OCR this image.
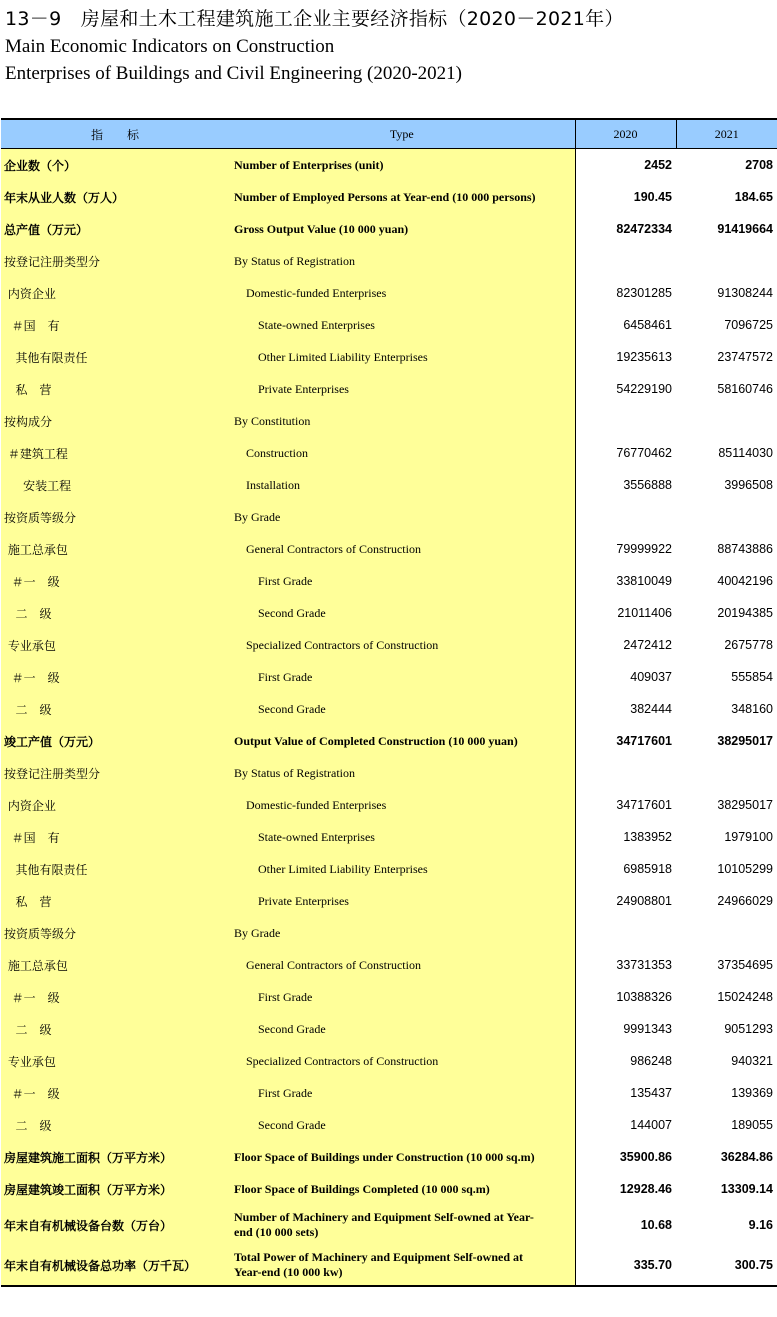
13－9　房屋和土木工程建筑施工企业主要经济指标（2020－2021年）
Main Economic Indicators on Construction
Enterprises of Buildings and Civil Engineering (2020-2021)
指　　标	Type	2020	2021
企业数（个）	Number of Enterprises (unit)	2452	2708
年末从业人数（万人）	Number of Employed Persons at Year-end (10 000 persons)	190.45	184.65
总产值（万元）	Gross Output Value (10 000 yuan)	82472334	91419664
按登记注册类型分	By Status of Registration		
内资企业	Domestic-funded Enterprises	82301285	91308244
＃国　有	State-owned Enterprises	6458461	7096725
其他有限责任	Other Limited Liability Enterprises	19235613	23747572
私　营	Private Enterprises	54229190	58160746
按构成分	By Constitution		
＃建筑工程	Construction	76770462	85114030
安装工程	Installation	3556888	3996508
按资质等级分	By Grade		
施工总承包	General Contractors of Construction	79999922	88743886
＃一　级	First Grade	33810049	40042196
二　级	Second Grade	21011406	20194385
专业承包	Specialized Contractors of Construction	2472412	2675778
＃一　级	First Grade	409037	555854
二　级	Second Grade	382444	348160
竣工产值（万元）	Output Value of Completed Construction (10 000 yuan)	34717601	38295017
按登记注册类型分	By Status of Registration		
内资企业	Domestic-funded Enterprises	34717601	38295017
＃国　有	State-owned Enterprises	1383952	1979100
其他有限责任	Other Limited Liability Enterprises	6985918	10105299
私　营	Private Enterprises	24908801	24966029
按资质等级分	By Grade		
施工总承包	General Contractors of Construction	33731353	37354695
＃一　级	First Grade	10388326	15024248
二　级	Second Grade	9991343	9051293
专业承包	Specialized Contractors of Construction	986248	940321
＃一　级	First Grade	135437	139369
二　级	Second Grade	144007	189055
房屋建筑施工面积（万平方米）	Floor Space of Buildings under Construction (10 000 sq.m)	35900.86	36284.86
房屋建筑竣工面积（万平方米）	Floor Space of Buildings Completed (10 000 sq.m)	12928.46	13309.14
年末自有机械设备台数（万台）	Number of Machinery and Equipment Self-owned at Year-end (10 000 sets)	10.68	9.16
年末自有机械设备总功率（万千瓦）	Total Power of Machinery and Equipment Self-owned at Year-end (10 000 kw)	335.70	300.75
